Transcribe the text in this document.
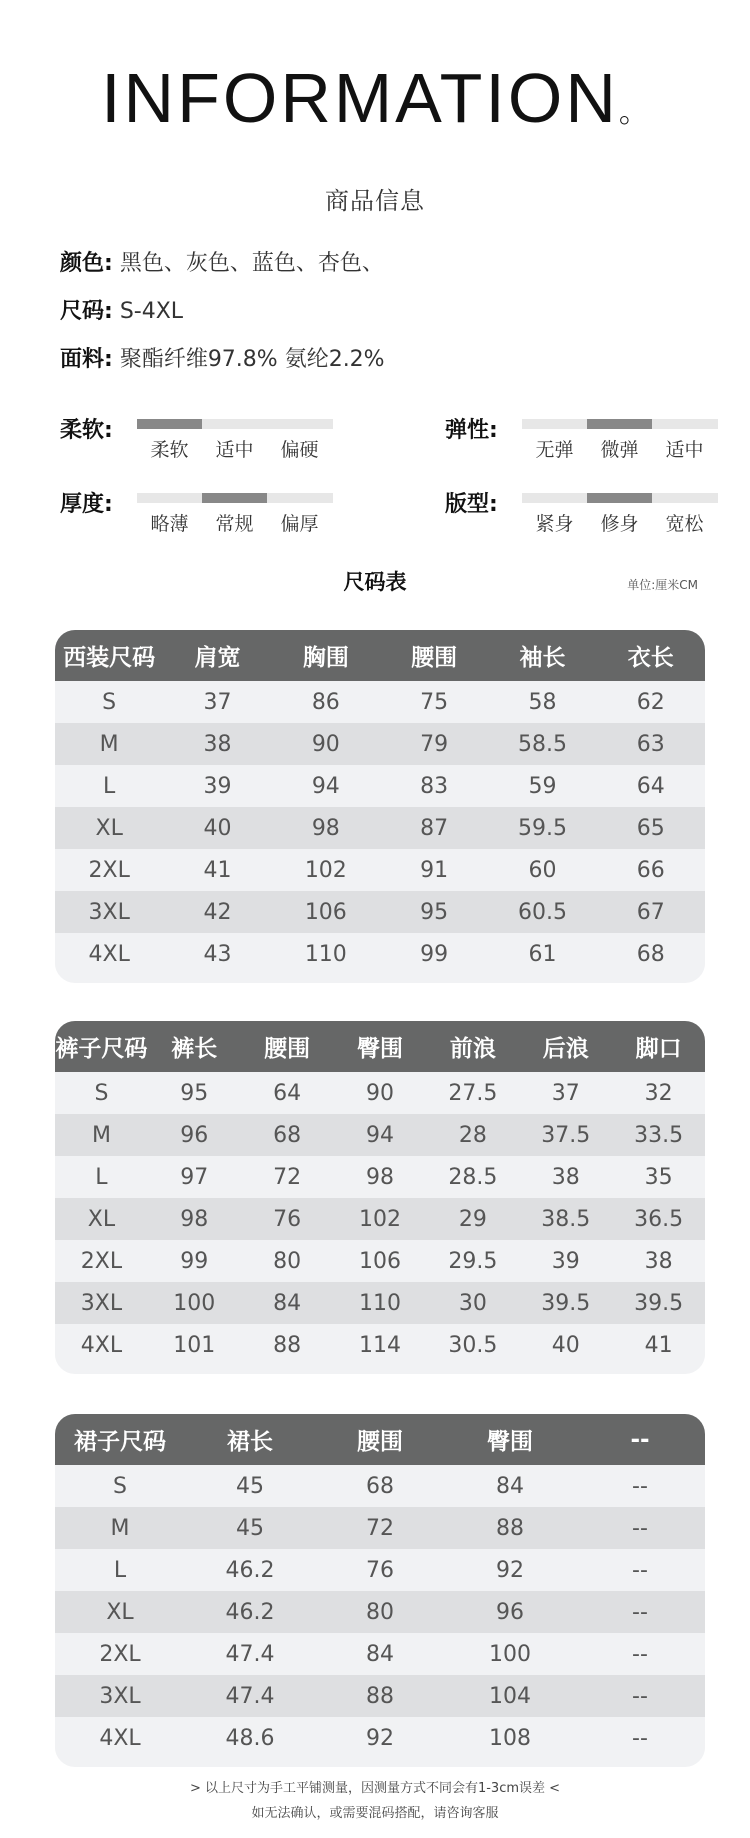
INFORMATION。
商品信息
颜色: 黑色、灰色、蓝色、杏色、
尺码: S-4XL
面料: 聚酯纤维97.8% 氨纶2.2%
柔软:
柔软	适中	偏硬
弹性:
无弹	微弹	适中
厚度:
略薄	常规	偏厚
版型:
紧身	修身	宽松
尺码表	单位:厘米CM
西装尺码	肩宽	胸围	腰围	袖长	衣长
S	37	86	75	58	62
M	38	90	79	58.5	63
L	39	94	83	59	64
XL	40	98	87	59.5	65
2XL	41	102	91	60	66
3XL	42	106	95	60.5	67
4XL	43	110	99	61	68
裤子尺码	裤长	腰围	臀围	前浪	后浪	脚口
S	95	64	90	27.5	37	32
M	96	68	94	28	37.5	33.5
L	97	72	98	28.5	38	35
XL	98	76	102	29	38.5	36.5
2XL	99	80	106	29.5	39	38
3XL	100	84	110	30	39.5	39.5
4XL	101	88	114	30.5	40	41
裙子尺码	裙长	腰围	臀围	--
S	45	68	84	--
M	45	72	88	--
L	46.2	76	92	--
XL	46.2	80	96	--
2XL	47.4	84	100	--
3XL	47.4	88	104	--
4XL	48.6	92	108	--
> 以上尺寸为手工平铺测量，因测量方式不同会有1-3cm误差 <
如无法确认，或需要混码搭配，请咨询客服
